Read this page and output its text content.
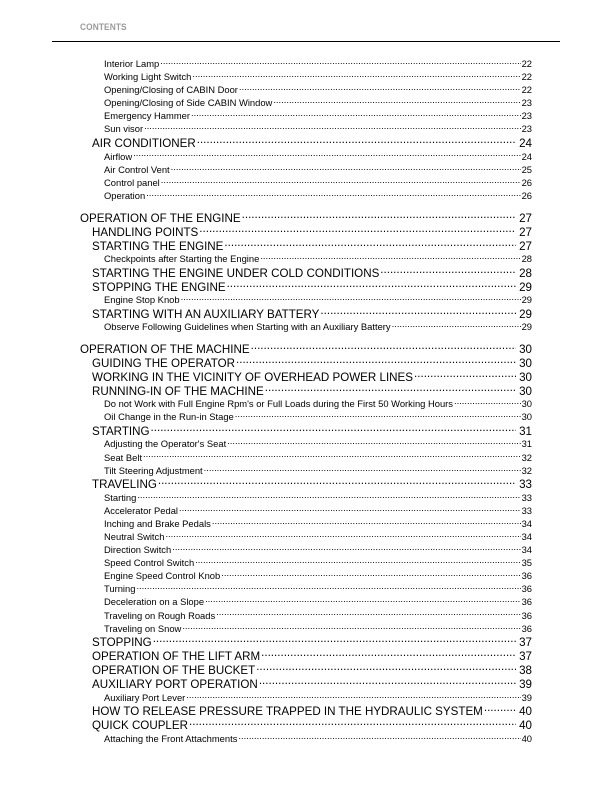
CONTENTS
Interior Lamp .....	22
Working Light Switch .....	22
Opening/Closing of CABIN Door .....	22
Opening/Closing of Side CABIN Window .....	23
Emergency Hammer .....	23
Sun visor .....	23
AIR CONDITIONER .....	24
Airflow .....	24
Air Control Vent .....	25
Control panel .....	26
Operation .....	26
OPERATION OF THE ENGINE .....	27
HANDLING POINTS .....	27
STARTING THE ENGINE .....	27
Checkpoints after Starting the Engine .....	28
STARTING THE ENGINE UNDER COLD CONDITIONS .....	28
STOPPING THE ENGINE .....	29
Engine Stop Knob .....	29
STARTING WITH AN AUXILIARY BATTERY .....	29
Observe Following Guidelines when Starting with an Auxiliary Battery .....	29
OPERATION OF THE MACHINE .....	30
GUIDING THE OPERATOR .....	30
WORKING IN THE VICINITY OF OVERHEAD POWER LINES .....	30
RUNNING-IN OF THE MACHINE .....	30
Do not Work with Full Engine Rpm's or Full Loads during the First 50 Working Hours .....	30
Oil Change in the Run-in Stage .....	30
STARTING .....	31
Adjusting the Operator's Seat .....	31
Seat Belt .....	32
Tilt Steering Adjustment .....	32
TRAVELING .....	33
Starting .....	33
Accelerator Pedal .....	33
Inching and Brake Pedals .....	34
Neutral Switch .....	34
Direction Switch .....	34
Speed Control Switch .....	35
Engine Speed Control Knob .....	36
Turning .....	36
Deceleration on a Slope .....	36
Traveling on Rough Roads .....	36
Traveling on Snow .....	36
STOPPING .....	37
OPERATION OF THE LIFT ARM .....	37
OPERATION OF THE BUCKET .....	38
AUXILIARY PORT OPERATION .....	39
Auxiliary Port Lever .....	39
HOW TO RELEASE PRESSURE TRAPPED IN THE HYDRAULIC SYSTEM .....	40
QUICK COUPLER .....	40
Attaching the Front Attachments .....	40
